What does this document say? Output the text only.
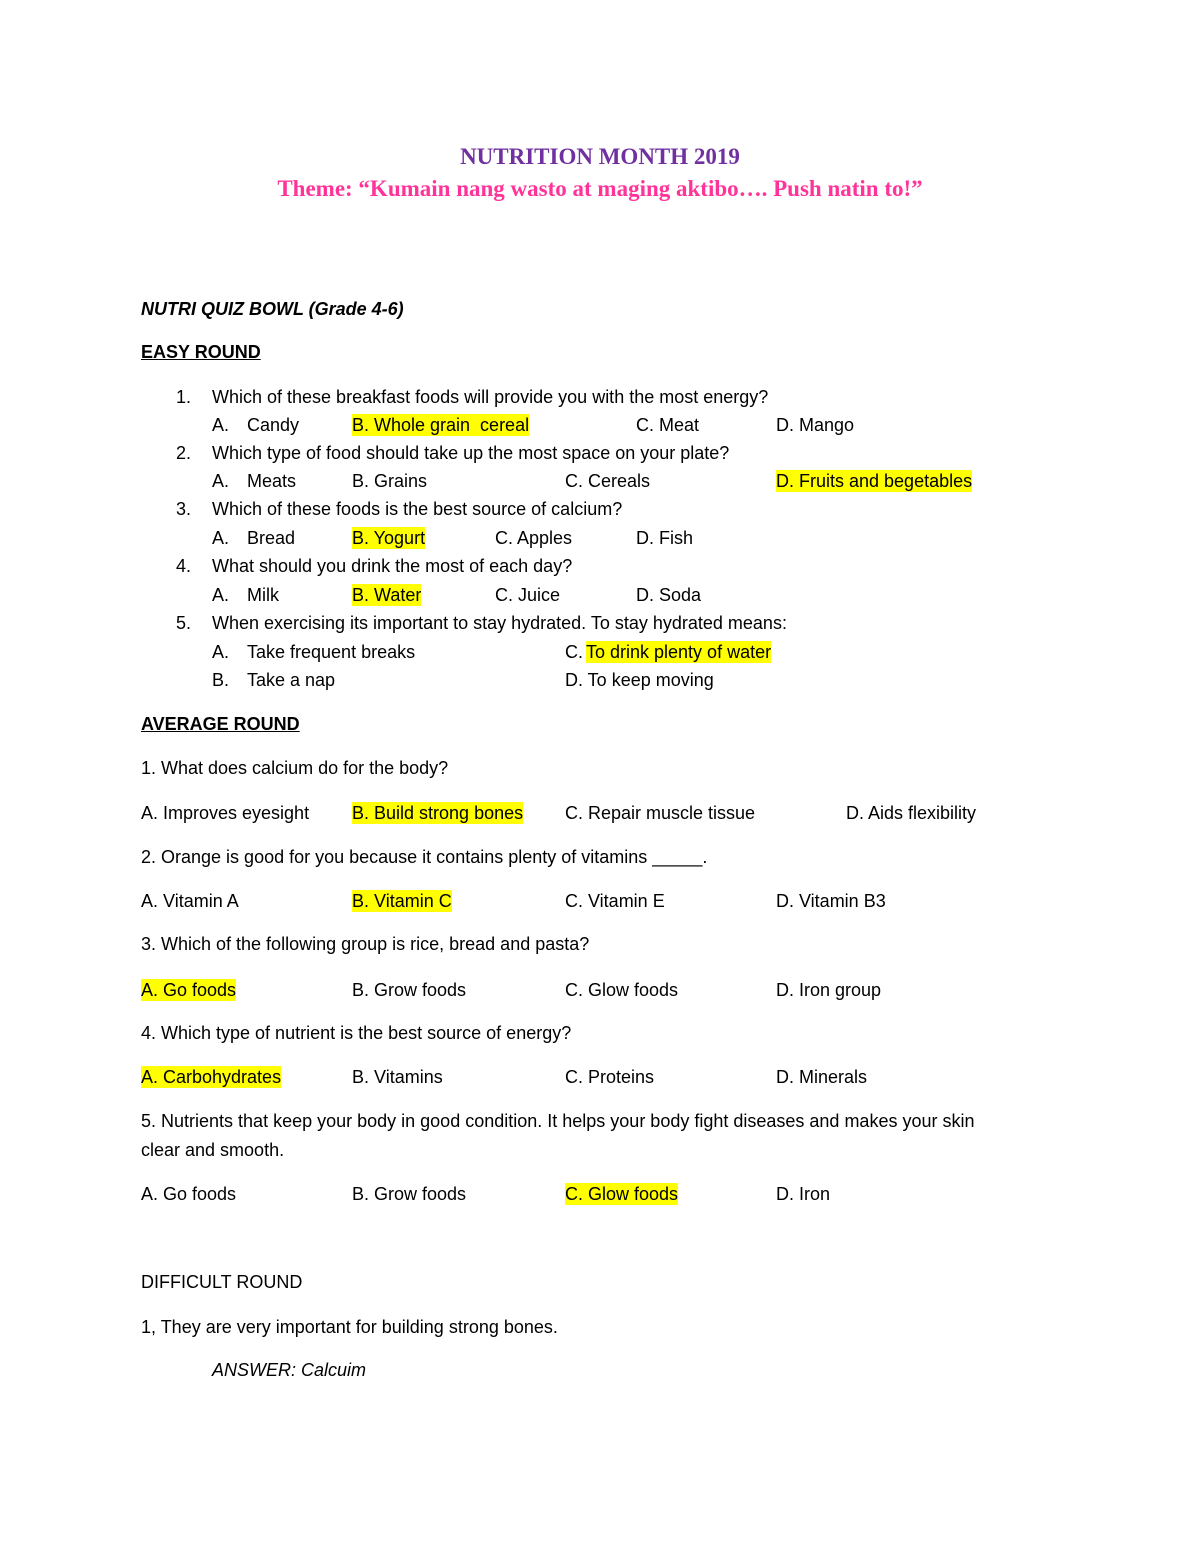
NUTRITION MONTH 2019
Theme: “Kumain nang wasto at maging aktibo…. Push natin to!”
NUTRI QUIZ BOWL (Grade 4-6)
EASY ROUND
1. Which of these breakfast foods will provide you with the most energy?
A. Candy	B. Whole grain  cereal	C. Meat	D. Mango
2. Which type of food should take up the most space on your plate?
A. Meats	B. Grains	C. Cereals	D. Fruits and begetables
3. Which of these foods is the best source of calcium?
A. Bread	B. Yogurt	C. Apples	D. Fish
4. What should you drink the most of each day?
A. Milk	B. Water	C. Juice	D. Soda
5. When exercising its important to stay hydrated. To stay hydrated means:
A. Take frequent breaks	C. To drink plenty of water
B. Take a nap	D. To keep moving
AVERAGE ROUND
1. What does calcium do for the body?
A. Improves eyesight B. Build strong bones C. Repair muscle tissue	D. Aids flexibility
2. Orange is good for you because it contains plenty of vitamins _____.
A. Vitamin A	B. Vitamin C	C. Vitamin E	D. Vitamin B3
3. Which of the following group is rice, bread and pasta?
A. Go foods	B. Grow foods	C. Glow foods	D. Iron group
4. Which type of nutrient is the best source of energy?
A. Carbohydrates	B. Vitamins	C. Proteins	D. Minerals
5. Nutrients that keep your body in good condition. It helps your body fight diseases and makes your skin
clear and smooth.
A. Go foods	B. Grow foods	C. Glow foods	D. Iron
DIFFICULT ROUND
1, They are very important for building strong bones.
ANSWER: Calcuim
